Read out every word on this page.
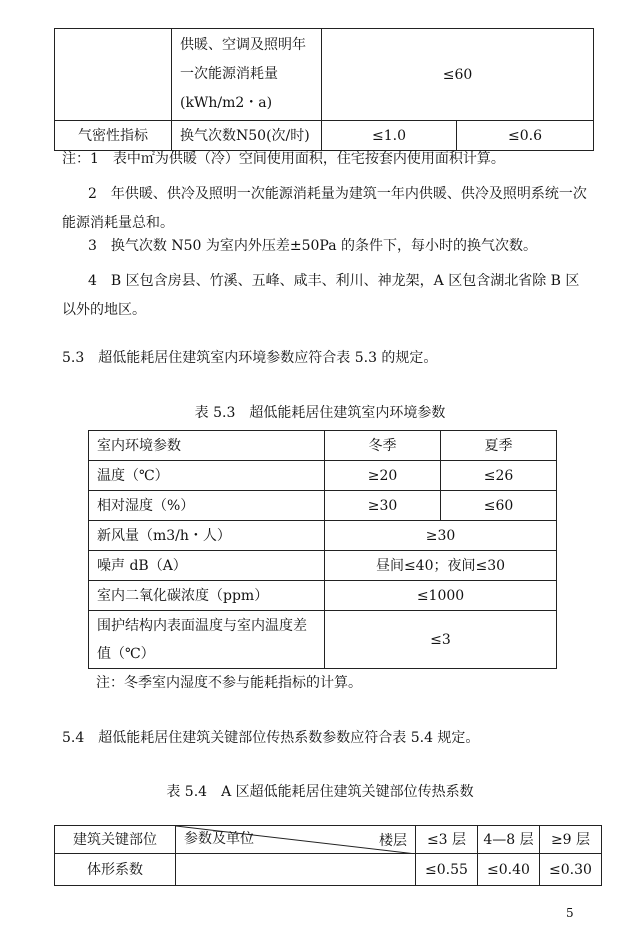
	供暖、空调及照明年一次能源消耗量(kWh/m2・a)	≤60	
气密性指标	换气次数N50(次/时)	≤1.0	≤0.6
注：1　表中㎡为供暖（冷）空间使用面积，住宅按套内使用面积计算。
2　年供暖、供冷及照明一次能源消耗量为建筑一年内供暖、供冷及照明系统一次能源消耗量总和。
3　换气次数 N50 为室内外压差±50Pa 的条件下，每小时的换气次数。
4　B 区包含房县、竹溪、五峰、咸丰、利川、神龙架，A 区包含湖北省除 B 区以外的地区。
5.3　超低能耗居住建筑室内环境参数应符合表 5.3 的规定。
表 5.3　超低能耗居住建筑室内环境参数
室内环境参数	冬季	夏季
温度（℃）	≥20	≤26
相对湿度（%）	≥30	≤60
新风量（m3/h・人）	≥30	
噪声 dB（A）	昼间≤40；夜间≤30	
室内二氧化碳浓度（ppm）	≤1000	
围护结构内表面温度与室内温度差值（℃）	≤3	
注：冬季室内湿度不参与能耗指标的计算。
5.4　超低能耗居住建筑关键部位传热系数参数应符合表 5.4 规定。
表 5.4　A 区超低能耗居住建筑关键部位传热系数
建筑关键部位	参数及单位 楼层	≤3 层	4—8 层	≥9 层
体形系数		≤0.55	≤0.40	≤0.30
5
